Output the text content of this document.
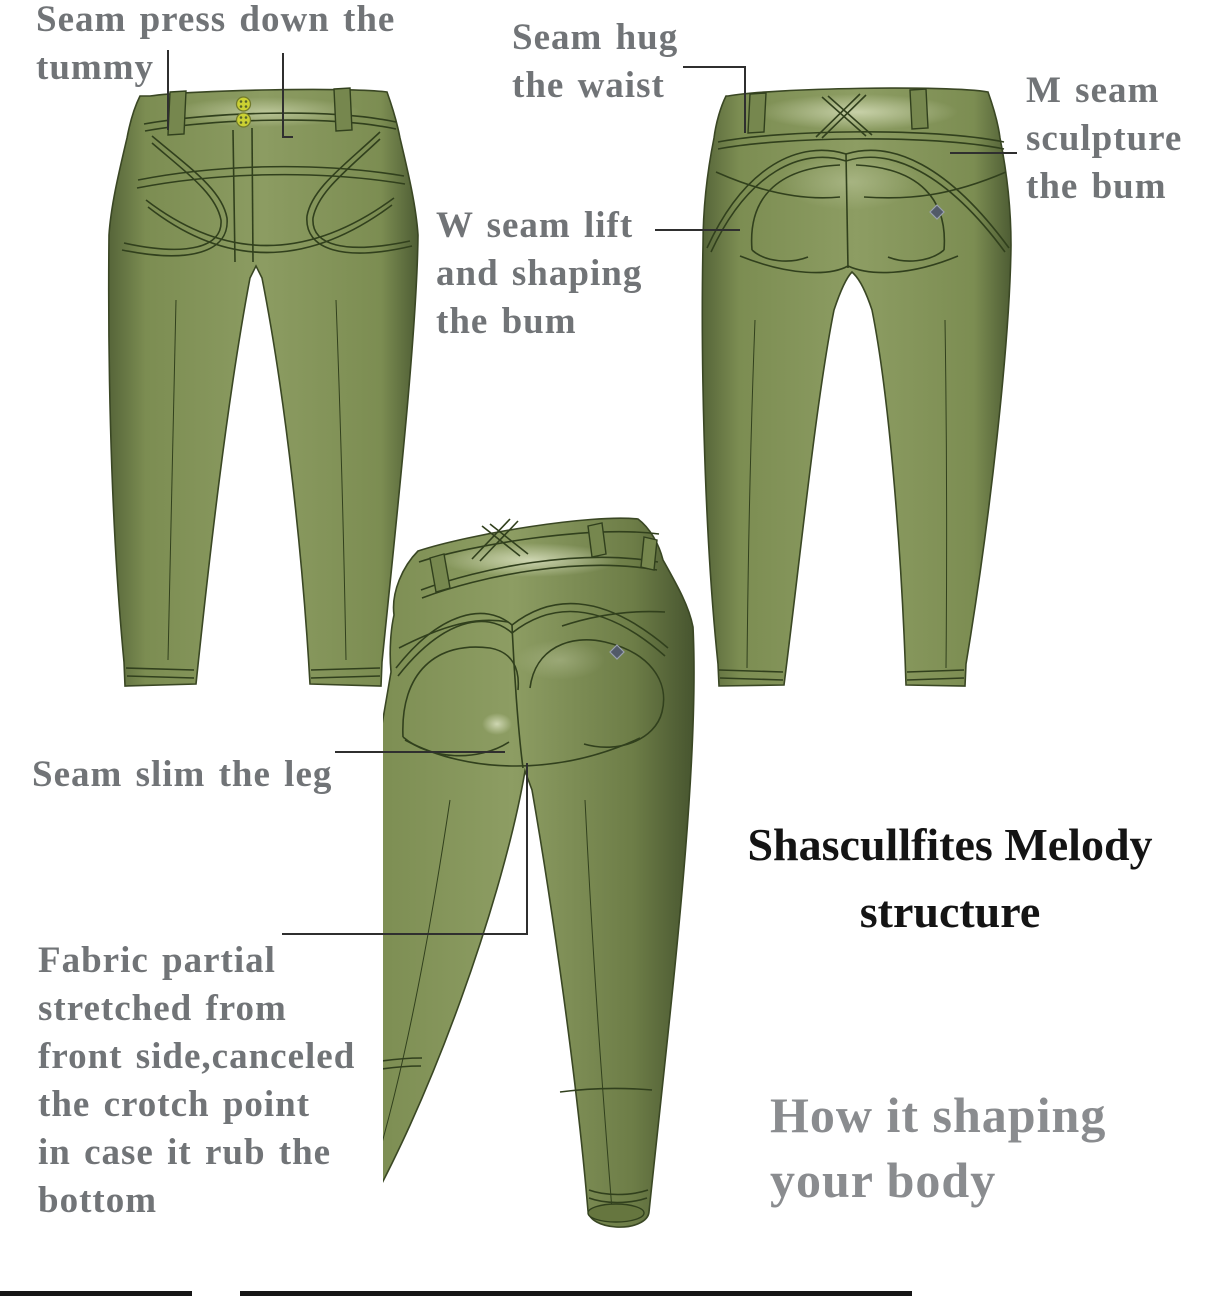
Seam press down the
tummy
Seam hug
the waist	M seam
sculpture
the bum
W seam lift
and shaping
the bum
Seam slim the leg
Fabric partial
stretched from
front side,canceled
the crotch point
in case it rub the
bottom
Shascullfites Melody
structure
How it shaping
your body
